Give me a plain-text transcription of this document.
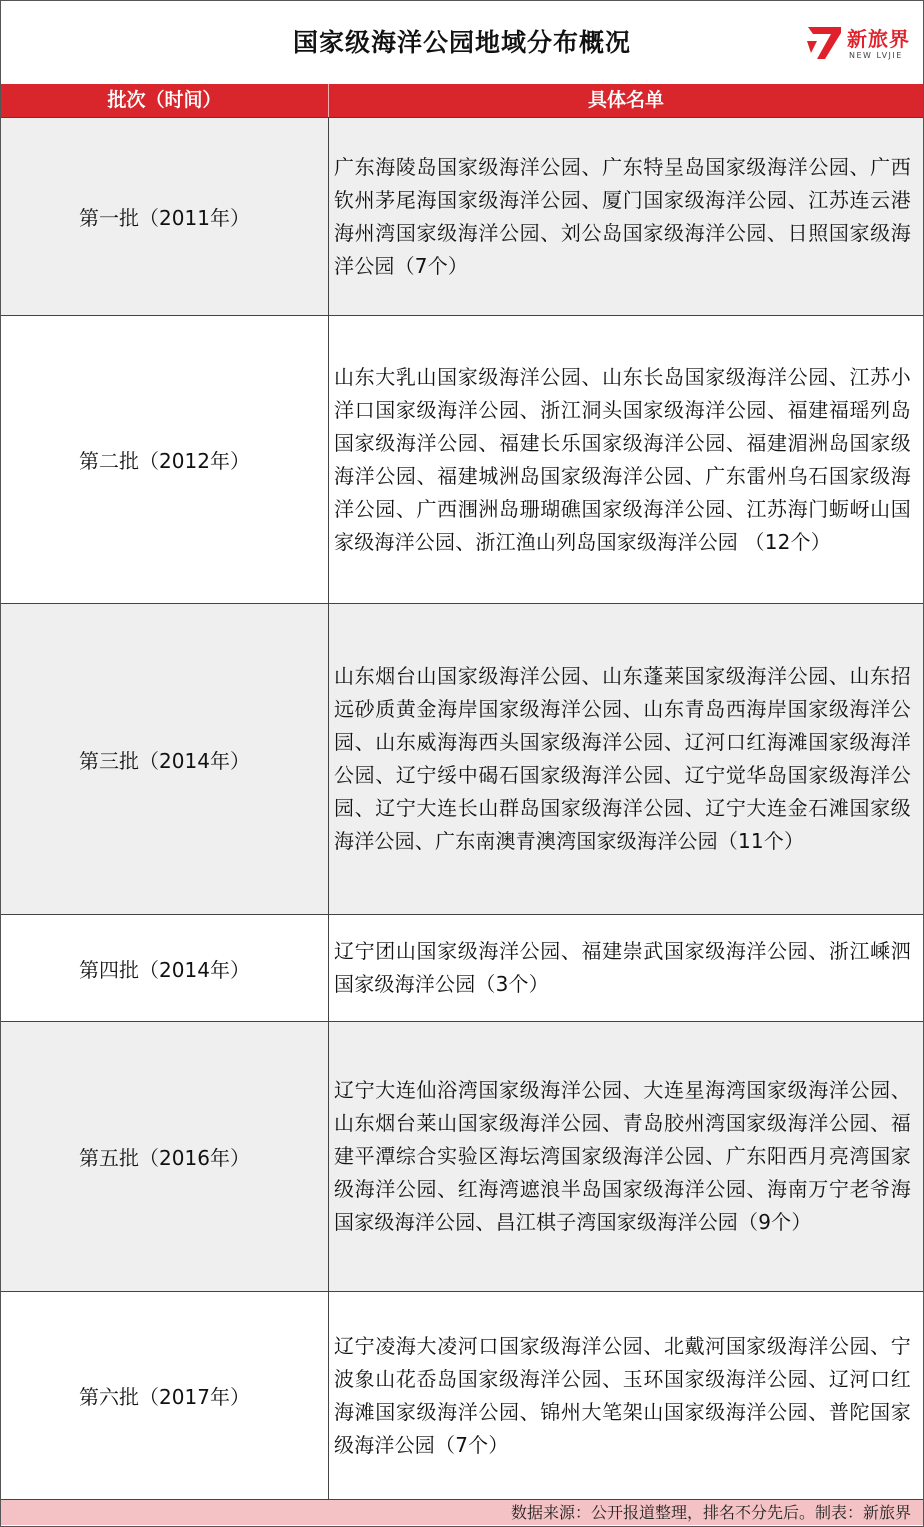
国家级海洋公园地域分布概况	新旅界
NEW LVJIE
批次（时间）	具体名单
第一批（2011年）
广东海陵岛国家级海洋公园、广东特呈岛国家级海洋公园、广西钦州茅尾海国家级海洋公园、厦门国家级海洋公园、江苏连云港海州湾国家级海洋公园、刘公岛国家级海洋公园、日照国家级海洋公园（7个）
第二批（2012年）
山东大乳山国家级海洋公园、山东长岛国家级海洋公园、江苏小洋口国家级海洋公园、浙江洞头国家级海洋公园、福建福瑶列岛国家级海洋公园、福建长乐国家级海洋公园、福建湄洲岛国家级海洋公园、福建城洲岛国家级海洋公园、广东雷州乌石国家级海洋公园、广西涠洲岛珊瑚礁国家级海洋公园、江苏海门蛎岈山国家级海洋公园、浙江渔山列岛国家级海洋公园 （12个）
第三批（2014年）
山东烟台山国家级海洋公园、山东蓬莱国家级海洋公园、山东招远砂质黄金海岸国家级海洋公园、山东青岛西海岸国家级海洋公园、山东威海海西头国家级海洋公园、辽河口红海滩国家级海洋公园、辽宁绥中碣石国家级海洋公园、辽宁觉华岛国家级海洋公园、辽宁大连长山群岛国家级海洋公园、辽宁大连金石滩国家级海洋公园、广东南澳青澳湾国家级海洋公园（11个）
第四批（2014年）
辽宁团山国家级海洋公园、福建崇武国家级海洋公园、浙江嵊泗国家级海洋公园（3个）
第五批（2016年）
辽宁大连仙浴湾国家级海洋公园、大连星海湾国家级海洋公园、山东烟台莱山国家级海洋公园、青岛胶州湾国家级海洋公园、福建平潭综合实验区海坛湾国家级海洋公园、广东阳西月亮湾国家级海洋公园、红海湾遮浪半岛国家级海洋公园、海南万宁老爷海国家级海洋公园、昌江棋子湾国家级海洋公园（9个）
第六批（2017年）
辽宁凌海大凌河口国家级海洋公园、北戴河国家级海洋公园、宁波象山花岙岛国家级海洋公园、玉环国家级海洋公园、辽河口红海滩国家级海洋公园、锦州大笔架山国家级海洋公园、普陀国家级海洋公园（7个）
数据来源：公开报道整理，排名不分先后。制表：新旅界
